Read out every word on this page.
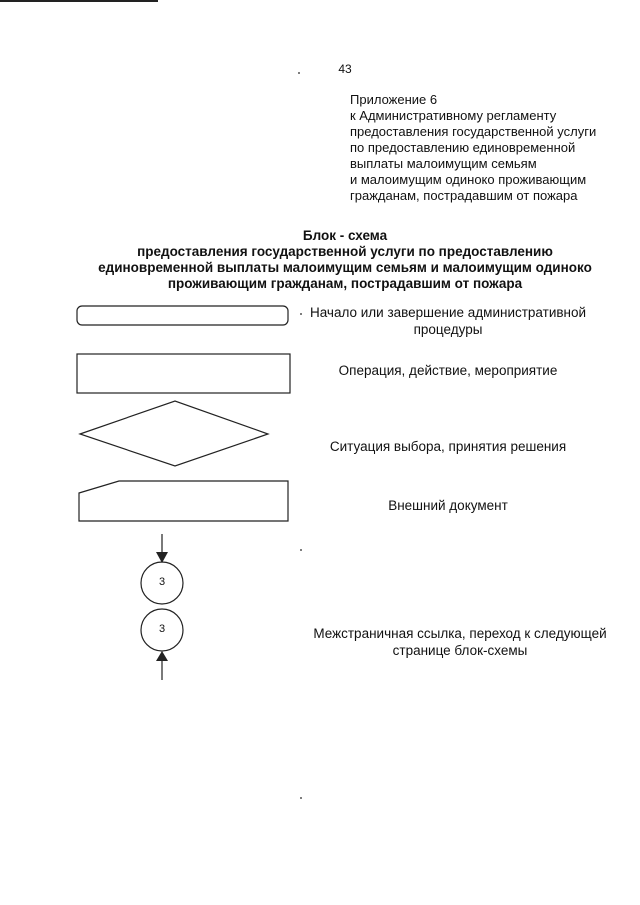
43
Приложение 6
к Административному регламенту
предоставления государственной услуги
по предоставлению единовременной
выплаты малоимущим семьям
и малоимущим одиноко проживающим
гражданам, пострадавшим от пожара
Блок - схема
предоставления государственной услуги по предоставлению
единовременной выплаты малоимущим семьям и малоимущим одиноко
проживающим гражданам, пострадавшим от пожара
3
3
Начало или завершение административной
процедуры
Операция, действие, мероприятие
Ситуация выбора, принятия решения
Внешний документ
Межстраничная ссылка, переход к следующей
странице блок-схемы
